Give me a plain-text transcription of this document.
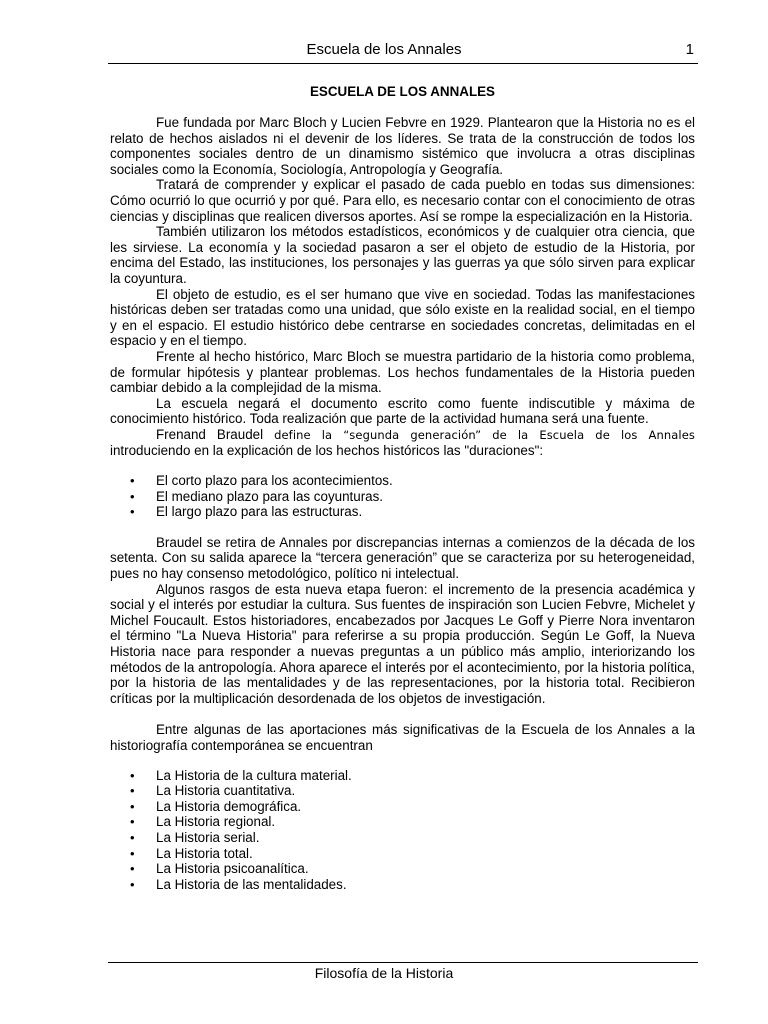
Escuela de los Annales	1
ESCUELA DE LOS ANNALES

Fue fundada por Marc Bloch y Lucien Febvre en 1929. Plantearon que la Historia no es el relato de hechos aislados ni el devenir de los líderes. Se trata de la construcción de todos los componentes sociales dentro de un dinamismo sistémico que involucra a otras disciplinas sociales como la Economía, Sociología, Antropología y Geografía.

Tratará de comprender y explicar el pasado de cada pueblo en todas sus dimensiones: Cómo ocurrió lo que ocurrió y por qué. Para ello, es necesario contar con el conocimiento de otras ciencias y disciplinas que realicen diversos aportes. Así se rompe la especialización en la Historia.

También utilizaron los métodos estadísticos, económicos y de cualquier otra ciencia, que les sirviese. La economía y la sociedad pasaron a ser el objeto de estudio de la Historia, por encima del Estado, las instituciones, los personajes y las guerras ya que sólo sirven para explicar la coyuntura.

El objeto de estudio, es el ser humano que vive en sociedad. Todas las manifestaciones históricas deben ser tratadas como una unidad, que sólo existe en la realidad social, en el tiempo y en el espacio. El estudio histórico debe centrarse en sociedades concretas, delimitadas en el espacio y en el tiempo.

Frente al hecho histórico, Marc Bloch se muestra partidario de la historia como problema, de formular hipótesis y plantear problemas. Los hechos fundamentales de la Historia pueden cambiar debido a la complejidad de la misma.

La escuela negará el documento escrito como fuente indiscutible y máxima de conocimiento histórico. Toda realización que parte de la actividad humana será una fuente.

Frenand Braudel define la “segunda generación” de la Escuela de los Annales introduciendo en la explicación de los hechos históricos las "duraciones":

• El corto plazo para los acontecimientos.
• El mediano plazo para las coyunturas.
• El largo plazo para las estructuras.

Braudel se retira de Annales por discrepancias internas a comienzos de la década de los setenta. Con su salida aparece la “tercera generación” que se caracteriza por su heterogeneidad, pues no hay consenso metodológico, político ni intelectual.

Algunos rasgos de esta nueva etapa fueron: el incremento de la presencia académica y social y el interés por estudiar la cultura. Sus fuentes de inspiración son Lucien Febvre, Michelet y Michel Foucault. Estos historiadores, encabezados por Jacques Le Goff y Pierre Nora inventaron el término "La Nueva Historia" para referirse a su propia producción. Según Le Goff, la Nueva Historia nace para responder a nuevas preguntas a un público más amplio, interiorizando los métodos de la antropología. Ahora aparece el interés por el acontecimiento, por la historia política, por la historia de las mentalidades y de las representaciones, por la historia total. Recibieron críticas por la multiplicación desordenada de los objetos de investigación.

Entre algunas de las aportaciones más significativas de la Escuela de los Annales a la historiografía contemporánea se encuentran

• La Historia de la cultura material.
• La Historia cuantitativa.
• La Historia demográfica.
• La Historia regional.
• La Historia serial.
• La Historia total.
• La Historia psicoanalítica.
• La Historia de las mentalidades.
Filosofía de la Historia
